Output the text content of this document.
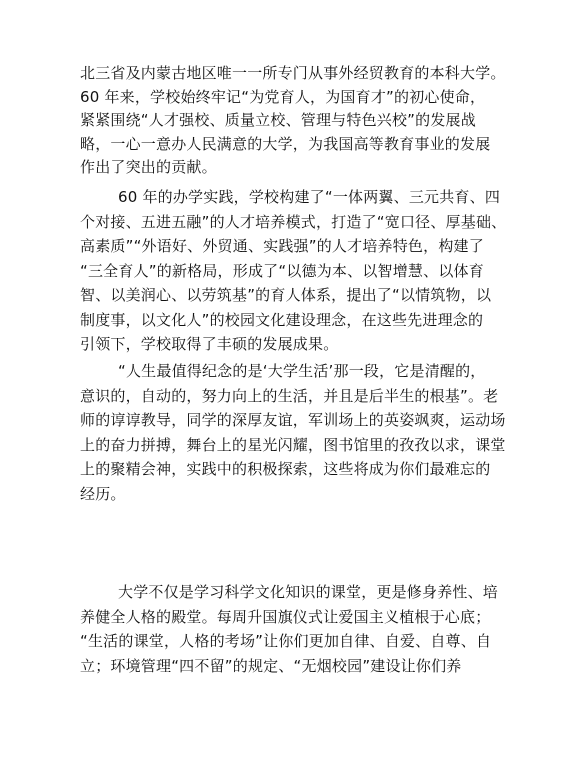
北三省及内蒙古地区唯一一所专门从事外经贸教育的本科大学。
60 年来，学校始终牢记“为党育人，为国育才”的初心使命，
紧紧围绕“人才强校、质量立校、管理与特色兴校”的发展战
略，一心一意办人民满意的大学，为我国高等教育事业的发展
作出了突出的贡献。
60 年的办学实践，学校构建了“一体两翼、三元共育、四
个对接、五进五融”的人才培养模式，打造了“宽口径、厚基础、
高素质”“外语好、外贸通、实践强”的人才培养特色，构建了
“三全育人”的新格局，形成了“以德为本、以智增慧、以体育
智、以美润心、以劳筑基”的育人体系，提出了“以情筑物，以
制度事，以文化人”的校园文化建设理念，在这些先进理念的
引领下，学校取得了丰硕的发展成果。
“人生最值得纪念的是‘大学生活’那一段，它是清醒的，
意识的，自动的，努力向上的生活，并且是后半生的根基”。老
师的谆谆教导，同学的深厚友谊，军训场上的英姿飒爽，运动场
上的奋力拼搏，舞台上的星光闪耀，图书馆里的孜孜以求，课堂
上的聚精会神，实践中的积极探索，这些将成为你们最难忘的
经历。
大学不仅是学习科学文化知识的课堂，更是修身养性、培
养健全人格的殿堂。每周升国旗仪式让爱国主义植根于心底；
“生活的课堂，人格的考场”让你们更加自律、自爱、自尊、自
立；环境管理“四不留”的规定、“无烟校园”建设让你们养
